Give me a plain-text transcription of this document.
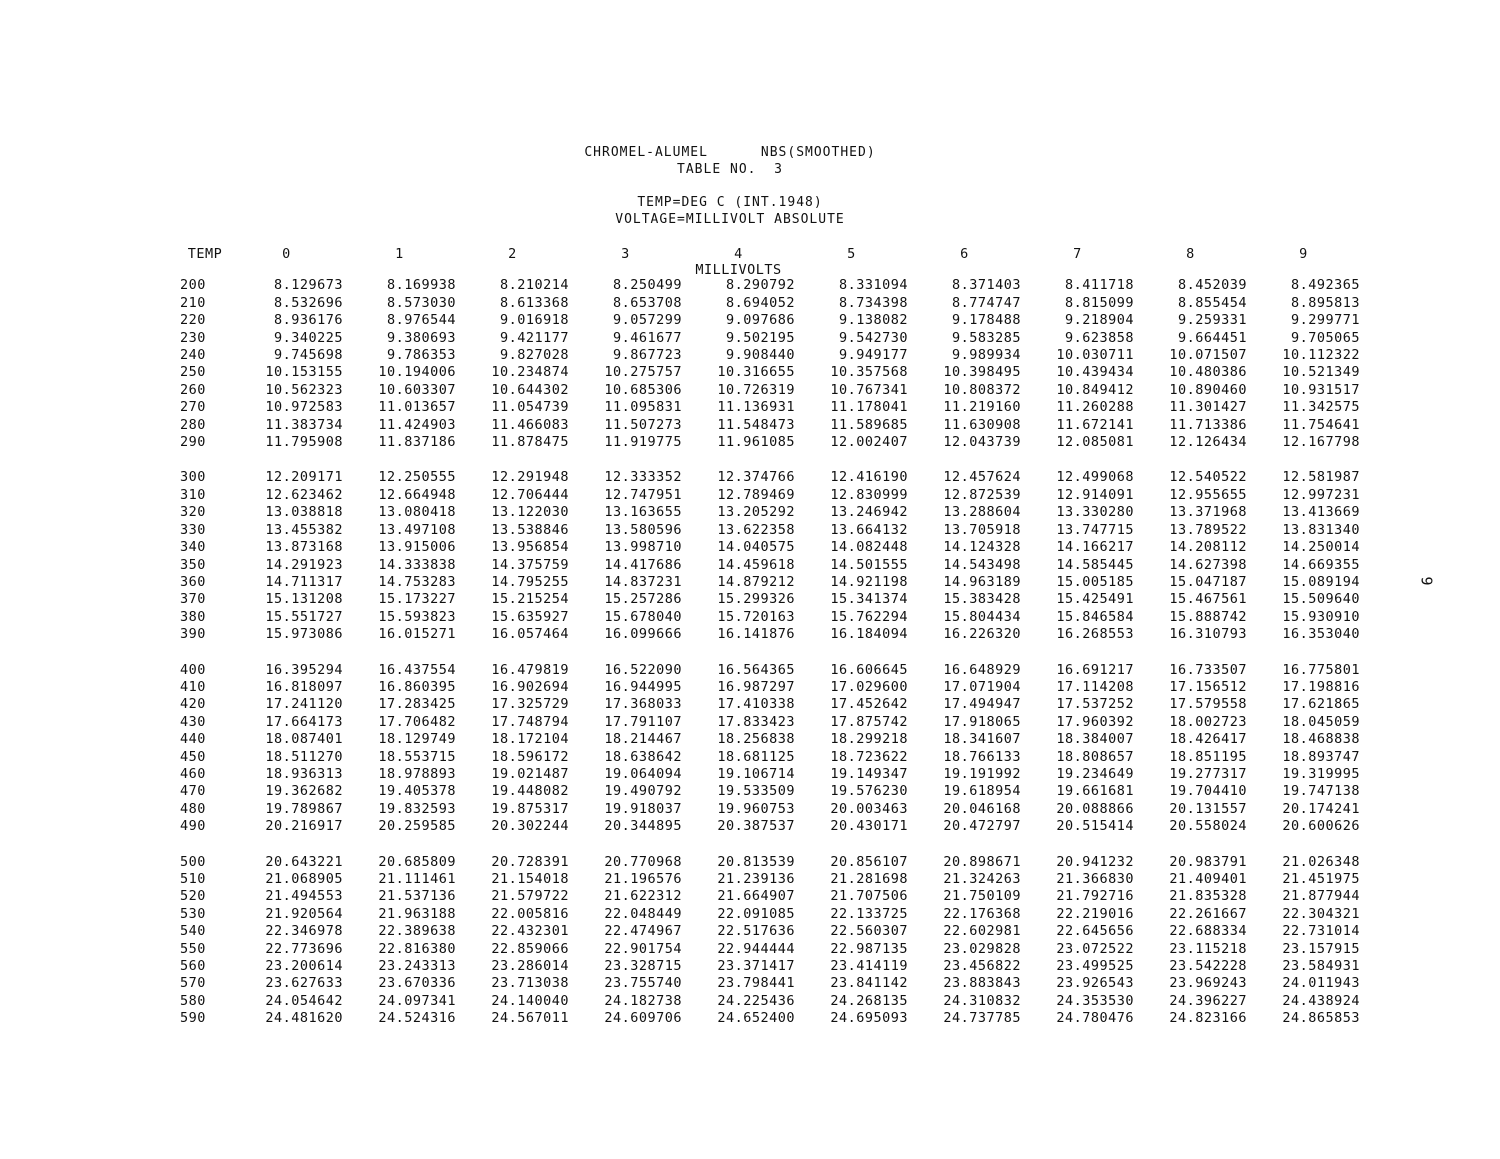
CHROMEL-ALUMEL      NBS(SMOOTHED)
TABLE NO.  3
TEMP=DEG C (INT.1948)
VOLTAGE=MILLIVOLT ABSOLUTE
TEMP	0	1	2	3	4	5	6	7	8	9
					MILLIVOLTS					
200	8.129673	8.169938	8.210214	8.250499	8.290792	8.331094	8.371403	8.411718	8.452039	8.492365
210	8.532696	8.573030	8.613368	8.653708	8.694052	8.734398	8.774747	8.815099	8.855454	8.895813
220	8.936176	8.976544	9.016918	9.057299	9.097686	9.138082	9.178488	9.218904	9.259331	9.299771
230	9.340225	9.380693	9.421177	9.461677	9.502195	9.542730	9.583285	9.623858	9.664451	9.705065
240	9.745698	9.786353	9.827028	9.867723	9.908440	9.949177	9.989934	10.030711	10.071507	10.112322
250	10.153155	10.194006	10.234874	10.275757	10.316655	10.357568	10.398495	10.439434	10.480386	10.521349
260	10.562323	10.603307	10.644302	10.685306	10.726319	10.767341	10.808372	10.849412	10.890460	10.931517
270	10.972583	11.013657	11.054739	11.095831	11.136931	11.178041	11.219160	11.260288	11.301427	11.342575
280	11.383734	11.424903	11.466083	11.507273	11.548473	11.589685	11.630908	11.672141	11.713386	11.754641
290	11.795908	11.837186	11.878475	11.919775	11.961085	12.002407	12.043739	12.085081	12.126434	12.167798

300	12.209171	12.250555	12.291948	12.333352	12.374766	12.416190	12.457624	12.499068	12.540522	12.581987
310	12.623462	12.664948	12.706444	12.747951	12.789469	12.830999	12.872539	12.914091	12.955655	12.997231
320	13.038818	13.080418	13.122030	13.163655	13.205292	13.246942	13.288604	13.330280	13.371968	13.413669
330	13.455382	13.497108	13.538846	13.580596	13.622358	13.664132	13.705918	13.747715	13.789522	13.831340
340	13.873168	13.915006	13.956854	13.998710	14.040575	14.082448	14.124328	14.166217	14.208112	14.250014
350	14.291923	14.333838	14.375759	14.417686	14.459618	14.501555	14.543498	14.585445	14.627398	14.669355
360	14.711317	14.753283	14.795255	14.837231	14.879212	14.921198	14.963189	15.005185	15.047187	15.089194
370	15.131208	15.173227	15.215254	15.257286	15.299326	15.341374	15.383428	15.425491	15.467561	15.509640
380	15.551727	15.593823	15.635927	15.678040	15.720163	15.762294	15.804434	15.846584	15.888742	15.930910
390	15.973086	16.015271	16.057464	16.099666	16.141876	16.184094	16.226320	16.268553	16.310793	16.353040

400	16.395294	16.437554	16.479819	16.522090	16.564365	16.606645	16.648929	16.691217	16.733507	16.775801
410	16.818097	16.860395	16.902694	16.944995	16.987297	17.029600	17.071904	17.114208	17.156512	17.198816
420	17.241120	17.283425	17.325729	17.368033	17.410338	17.452642	17.494947	17.537252	17.579558	17.621865
430	17.664173	17.706482	17.748794	17.791107	17.833423	17.875742	17.918065	17.960392	18.002723	18.045059
440	18.087401	18.129749	18.172104	18.214467	18.256838	18.299218	18.341607	18.384007	18.426417	18.468838
450	18.511270	18.553715	18.596172	18.638642	18.681125	18.723622	18.766133	18.808657	18.851195	18.893747
460	18.936313	18.978893	19.021487	19.064094	19.106714	19.149347	19.191992	19.234649	19.277317	19.319995
470	19.362682	19.405378	19.448082	19.490792	19.533509	19.576230	19.618954	19.661681	19.704410	19.747138
480	19.789867	19.832593	19.875317	19.918037	19.960753	20.003463	20.046168	20.088866	20.131557	20.174241
490	20.216917	20.259585	20.302244	20.344895	20.387537	20.430171	20.472797	20.515414	20.558024	20.600626

500	20.643221	20.685809	20.728391	20.770968	20.813539	20.856107	20.898671	20.941232	20.983791	21.026348
510	21.068905	21.111461	21.154018	21.196576	21.239136	21.281698	21.324263	21.366830	21.409401	21.451975
520	21.494553	21.537136	21.579722	21.622312	21.664907	21.707506	21.750109	21.792716	21.835328	21.877944
530	21.920564	21.963188	22.005816	22.048449	22.091085	22.133725	22.176368	22.219016	22.261667	22.304321
540	22.346978	22.389638	22.432301	22.474967	22.517636	22.560307	22.602981	22.645656	22.688334	22.731014
550	22.773696	22.816380	22.859066	22.901754	22.944444	22.987135	23.029828	23.072522	23.115218	23.157915
560	23.200614	23.243313	23.286014	23.328715	23.371417	23.414119	23.456822	23.499525	23.542228	23.584931
570	23.627633	23.670336	23.713038	23.755740	23.798441	23.841142	23.883843	23.926543	23.969243	24.011943
580	24.054642	24.097341	24.140040	24.182738	24.225436	24.268135	24.310832	24.353530	24.396227	24.438924
590	24.481620	24.524316	24.567011	24.609706	24.652400	24.695093	24.737785	24.780476	24.823166	24.865853
9
